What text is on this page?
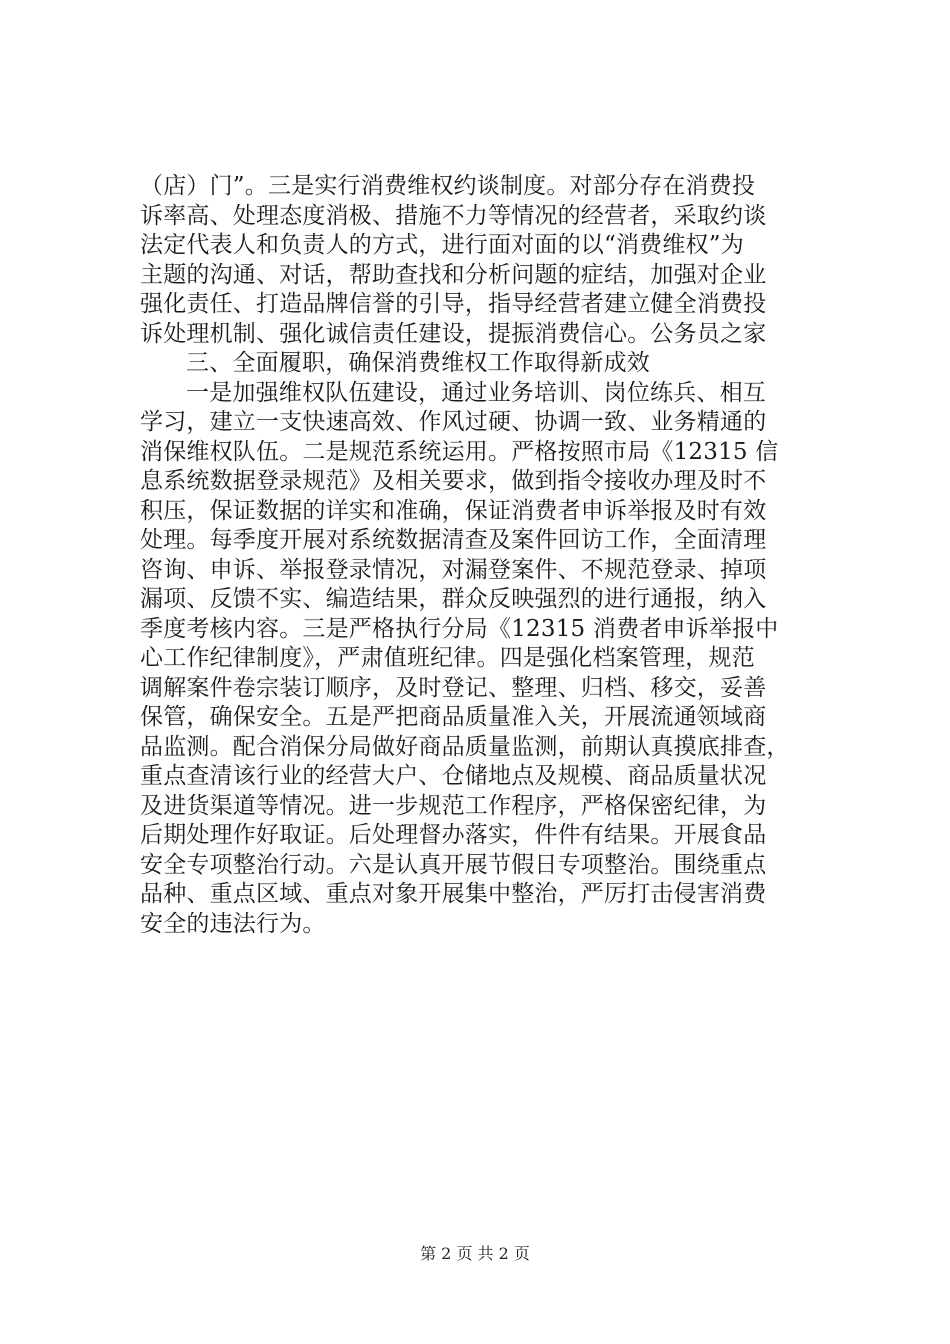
（店）门”。三是实行消费维权约谈制度。对部分存在消费投
诉率高、处理态度消极、措施不力等情况的经营者，采取约谈
法定代表人和负责人的方式，进行面对面的以“消费维权”为
主题的沟通、对话，帮助查找和分析问题的症结，加强对企业
强化责任、打造品牌信誉的引导，指导经营者建立健全消费投
诉处理机制、强化诚信责任建设，提振消费信心。公务员之家
三、全面履职，确保消费维权工作取得新成效
一是加强维权队伍建设，通过业务培训、岗位练兵、相互
学习，建立一支快速高效、作风过硬、协调一致、业务精通的
消保维权队伍。二是规范系统运用。严格按照市局《12315 信
息系统数据登录规范》及相关要求，做到指令接收办理及时不
积压，保证数据的详实和准确，保证消费者申诉举报及时有效
处理。每季度开展对系统数据清查及案件回访工作，全面清理
咨询、申诉、举报登录情况，对漏登案件、不规范登录、掉项
漏项、反馈不实、编造结果，群众反映强烈的进行通报，纳入
季度考核内容。三是严格执行分局《12315 消费者申诉举报中
心工作纪律制度》，严肃值班纪律。四是强化档案管理，规范
调解案件卷宗装订顺序，及时登记、整理、归档、移交，妥善
保管，确保安全。五是严把商品质量准入关，开展流通领域商
品监测。配合消保分局做好商品质量监测，前期认真摸底排查，
重点查清该行业的经营大户、仓储地点及规模、商品质量状况
及进货渠道等情况。进一步规范工作程序，严格保密纪律，为
后期处理作好取证。后处理督办落实，件件有结果。开展食品
安全专项整治行动。六是认真开展节假日专项整治。围绕重点
品种、重点区域、重点对象开展集中整治，严厉打击侵害消费
安全的违法行为。
第 2 页 共 2 页
